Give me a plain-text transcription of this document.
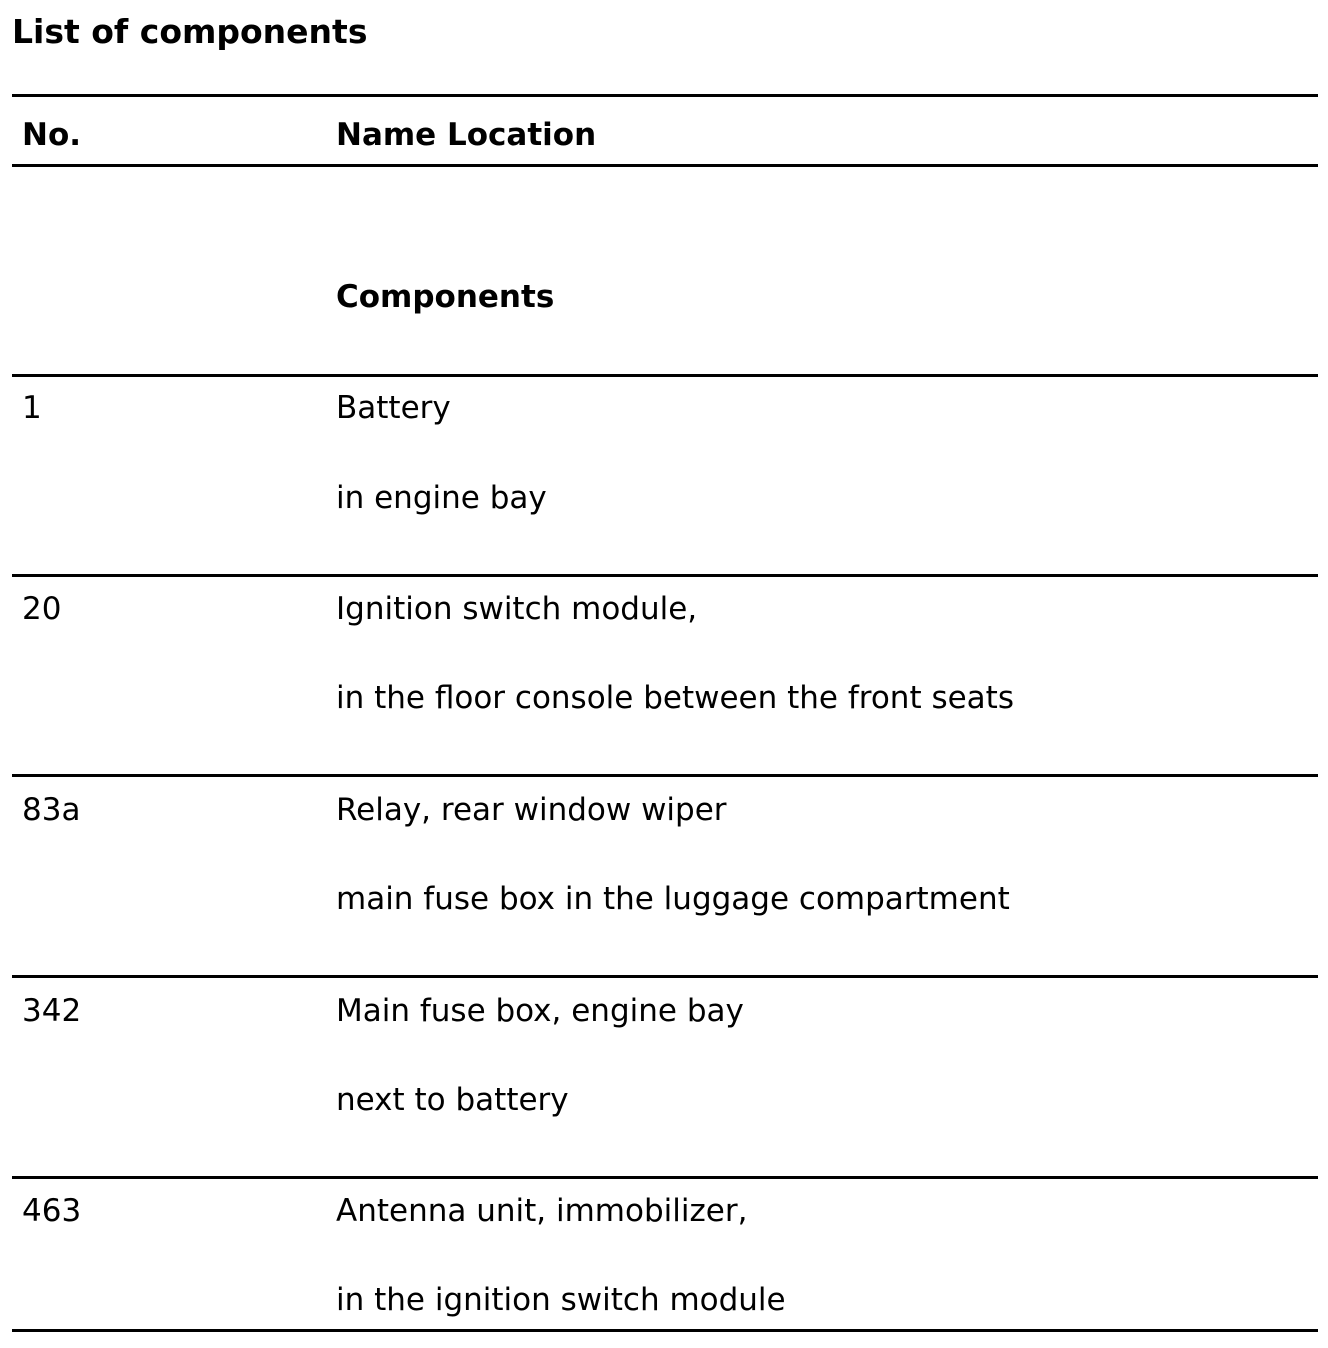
List of components
No.	Name Location
Components
1	Battery
in engine bay
20	Ignition switch module,
in the floor console between the front seats
83a	Relay, rear window wiper
main fuse box in the luggage compartment
342	Main fuse box, engine bay
next to battery
463	Antenna unit, immobilizer,
in the ignition switch module
